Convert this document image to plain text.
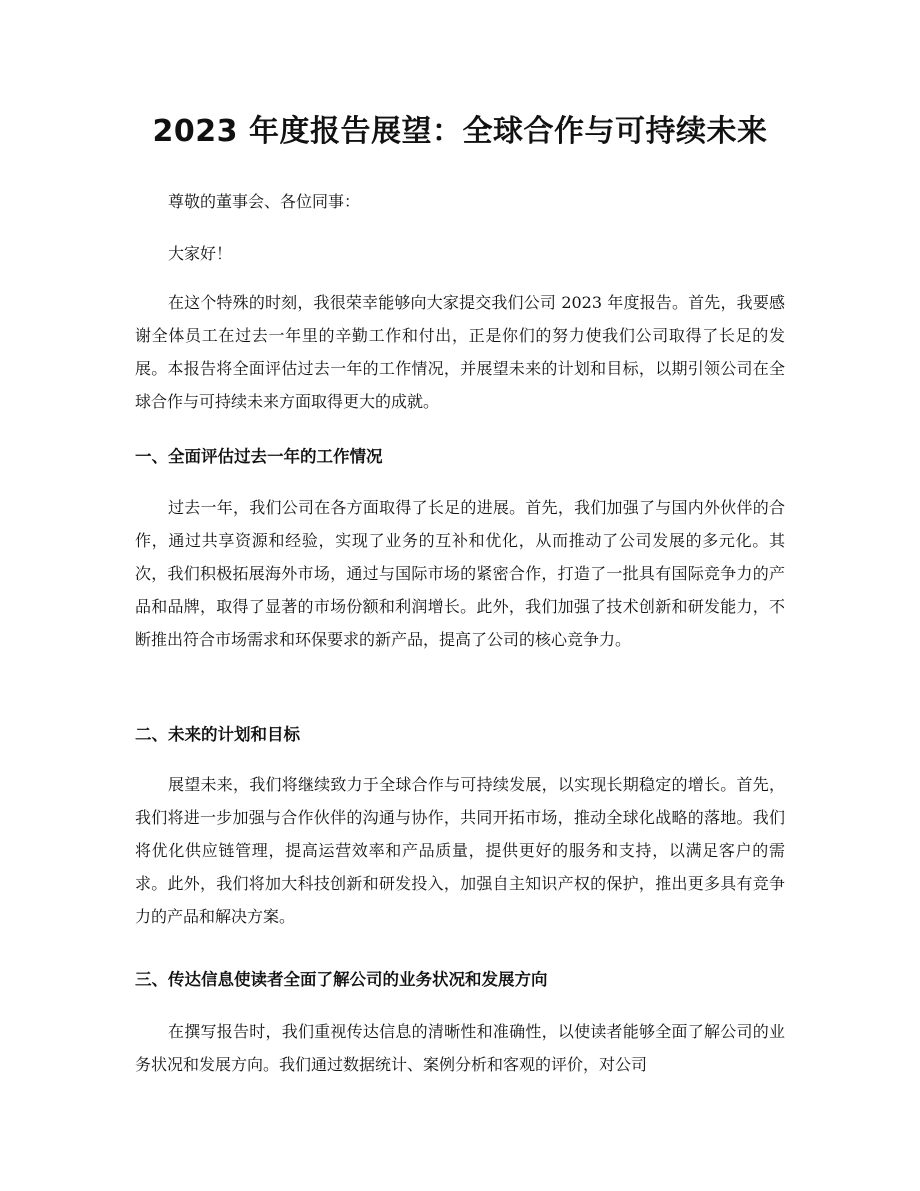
2023 年度报告展望：全球合作与可持续未来

尊敬的董事会、各位同事：

大家好！

在这个特殊的时刻，我很荣幸能够向大家提交我们公司 2023 年度报告。首先，我要感谢全体员工在过去一年里的辛勤工作和付出，正是你们的努力使我们公司取得了长足的发展。本报告将全面评估过去一年的工作情况，并展望未来的计划和目标，以期引领公司在全球合作与可持续未来方面取得更大的成就。

一、全面评估过去一年的工作情况

过去一年，我们公司在各方面取得了长足的进展。首先，我们加强了与国内外伙伴的合作，通过共享资源和经验，实现了业务的互补和优化，从而推动了公司发展的多元化。其次，我们积极拓展海外市场，通过与国际市场的紧密合作，打造了一批具有国际竞争力的产品和品牌，取得了显著的市场份额和利润增长。此外，我们加强了技术创新和研发能力，不断推出符合市场需求和环保要求的新产品，提高了公司的核心竞争力。

二、未来的计划和目标

展望未来，我们将继续致力于全球合作与可持续发展，以实现长期稳定的增长。首先，我们将进一步加强与合作伙伴的沟通与协作，共同开拓市场，推动全球化战略的落地。我们将优化供应链管理，提高运营效率和产品质量，提供更好的服务和支持，以满足客户的需求。此外，我们将加大科技创新和研发投入，加强自主知识产权的保护，推出更多具有竞争力的产品和解决方案。

三、传达信息使读者全面了解公司的业务状况和发展方向

在撰写报告时，我们重视传达信息的清晰性和准确性，以使读者能够全面了解公司的业务状况和发展方向。我们通过数据统计、案例分析和客观的评价，对公司
